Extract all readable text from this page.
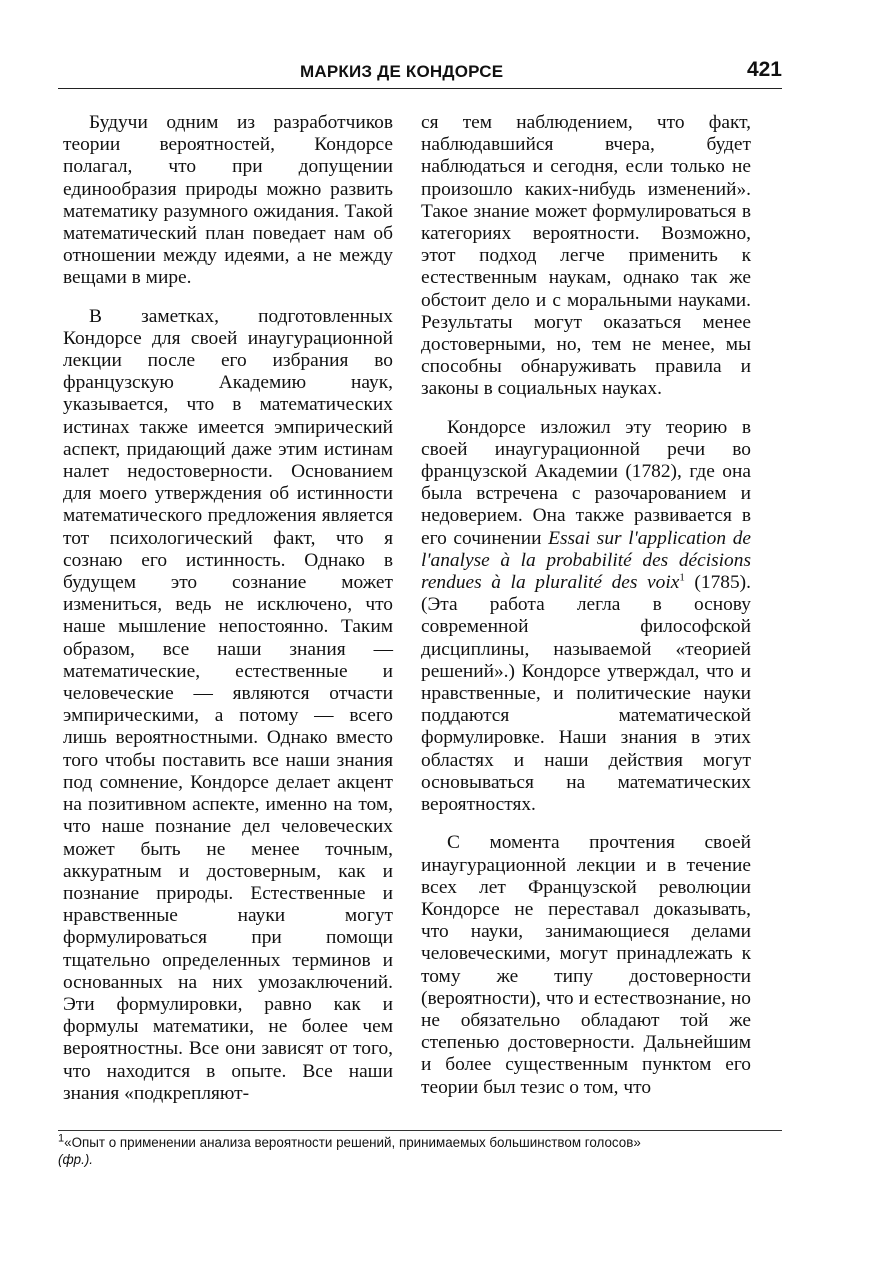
МАРКИЗ ДЕ КОНДОРСЕ	421

Будучи одним из разработчиков теории вероятностей, Кондорсе полагал, что при допущении единообразия природы можно развить математику разумного ожидания. Такой математический план поведает нам об отношении между идеями, а не между вещами в мире.

В заметках, подготовленных Кондорсе для своей инаугурационной лекции после его избрания во французскую Академию наук, указывается, что в математических истинах также имеется эмпирический аспект, придающий даже этим истинам налет недостоверности. Основанием для моего утверждения об истинности математического предложения является тот психологический факт, что я сознаю его истинность. Однако в будущем это сознание может измениться, ведь не исключено, что наше мышление непостоянно. Таким образом, все наши знания — математические, естественные и человеческие — являются отчасти эмпирическими, а потому — всего лишь вероятностными. Однако вместо того чтобы поставить все наши знания под сомнение, Кондорсе делает акцент на позитивном аспекте, именно на том, что наше познание дел человеческих может быть не менее точным, аккуратным и достоверным, как и познание природы. Естественные и нравственные науки могут формулироваться при помощи тщательно определенных терминов и основанных на них умозаключений. Эти формулировки, равно как и формулы математики, не более чем вероятностны. Все они зависят от того, что находится в опыте. Все наши знания «подкрепляют-

ся тем наблюдением, что факт, наблюдавшийся вчера, будет наблюдаться и сегодня, если только не произошло каких-нибудь изменений». Такое знание может формулироваться в категориях вероятности. Возможно, этот подход легче применить к естественным наукам, однако так же обстоит дело и с моральными науками. Результаты могут оказаться менее достоверными, но, тем не менее, мы способны обнаруживать правила и законы в социальных науках.

Кондорсе изложил эту теорию в своей инаугурационной речи во французской Академии (1782), где она была встречена с разочарованием и недоверием. Она также развивается в его сочинении Essai sur l'application de l'analyse à la probabilité des décisions rendues à la pluralité des voix$^1$ (1785). (Эта работа легла в основу современной философской дисциплины, называемой «теорией решений».) Кондорсе утверждал, что и нравственные, и политические науки поддаются математической формулировке. Наши знания в этих областях и наши действия могут основываться на математических вероятностях.

С момента прочтения своей инаугурационной лекции и в течение всех лет Французской революции Кондорсе не переставал доказывать, что науки, занимающиеся делами человеческими, могут принадлежать к тому же типу достоверности (вероятности), что и естествознание, но не обязательно обладают той же степенью достоверности. Дальнейшим и более существенным пунктом его теории был тезис о том, что

$^1$«Опыт о применении анализа вероятности решений, принимаемых большинством голосов»
(фр.).
